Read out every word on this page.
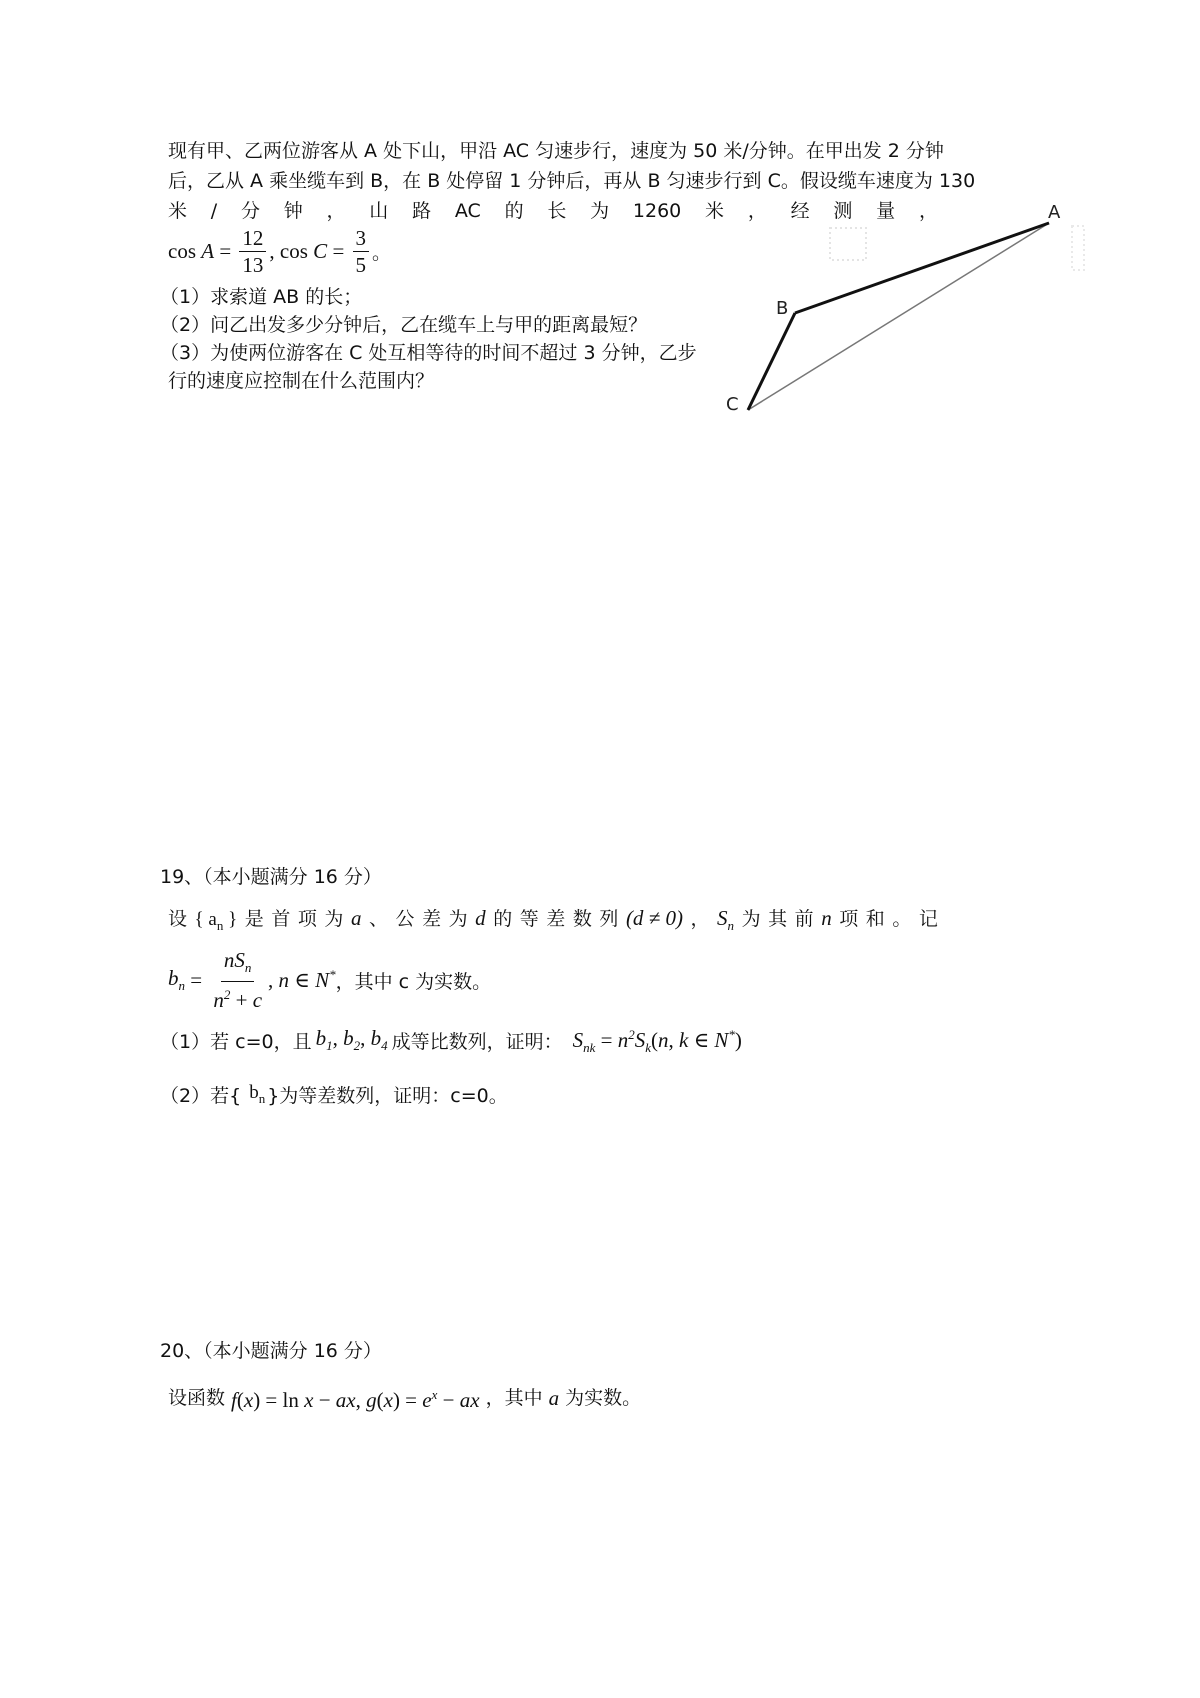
现有甲、乙两位游客从 A 处下山，甲沿 AC 匀速步行，速度为 50 米/分钟。在甲出发 2 分钟
后，乙从 A 乘坐缆车到 B，在 B 处停留 1 分钟后，再从 B 匀速步行到 C。假设缆车速度为 130
米 / 分 钟 ， 山 路 AC 的 长 为 1260 米 ， 经 测 量 ，
$\cos A = \frac{12}{13}$ , $\cos C = \frac{3}{5}$ 。
（1）求索道 AB 的长；
（2）问乙出发多少分钟后，乙在缆车上与甲的距离最短？
（3）为使两位游客在 C 处互相等待的时间不超过 3 分钟，乙步
行的速度应控制在什么范围内？
A
B
C
19、（本小题满分 16 分）
设 { $a_n$ } 是 首 项 为 a 、 公 差 为 d 的 等 差 数 列 (d ≠ 0) ， $S_n$ 为 其 前 n 项 和 。 记
$b_n = \frac{nS_n}{n^2 + c}$ , n ∈ N* ，其中 c 为实数。
（1）若 c=0，且 $b_1$, $b_2$, $b_4$ 成等比数列，证明： $S_{nk} = n^2S_k(n$, k ∈ N*)
（2）若{ $b_n$ }为等差数列，证明：c=0。
20、（本小题满分 16 分）
设函数 f(x) = ln x − ax, $g(x) = e^x$ − ax ，其中 a 为实数。
